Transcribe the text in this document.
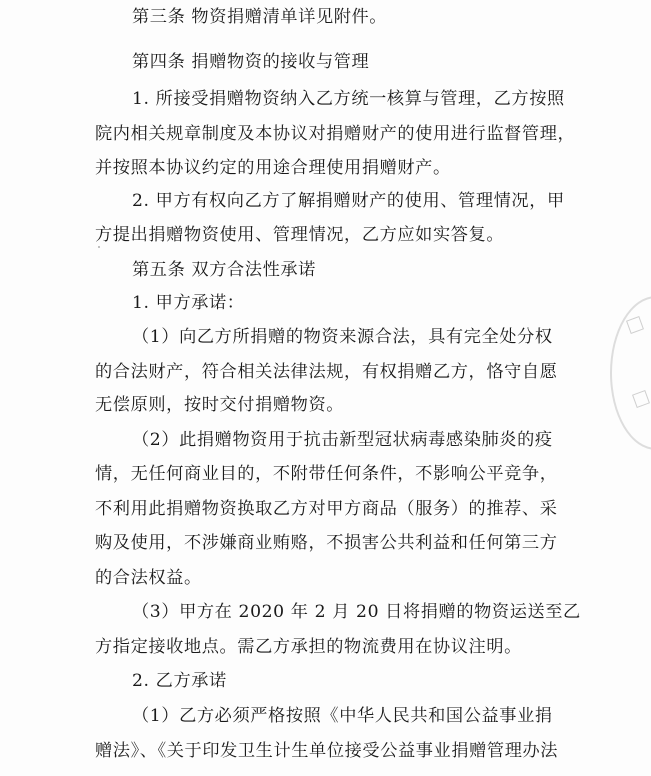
第三条 物资捐赠清单详见附件。
第四条 捐赠物资的接收与管理
1. 所接受捐赠物资纳入乙方统一核算与管理，乙方按照
院内相关规章制度及本协议对捐赠财产的使用进行监督管理，
并按照本协议约定的用途合理使用捐赠财产。
2. 甲方有权向乙方了解捐赠财产的使用、管理情况，甲
方提出捐赠物资使用、管理情况，乙方应如实答复。
第五条 双方合法性承诺
1. 甲方承诺：
（1）向乙方所捐赠的物资来源合法，具有完全处分权
的合法财产，符合相关法律法规，有权捐赠乙方，恪守自愿
无偿原则，按时交付捐赠物资。
（2）此捐赠物资用于抗击新型冠状病毒感染肺炎的疫
情，无任何商业目的，不附带任何条件，不影响公平竞争，
不利用此捐赠物资换取乙方对甲方商品（服务）的推荐、采
购及使用，不涉嫌商业贿赂，不损害公共利益和任何第三方
的合法权益。
（3）甲方在 2020 年 2 月 20 日将捐赠的物资运送至乙
方指定接收地点。需乙方承担的物流费用在协议注明。
2. 乙方承诺
（1）乙方必须严格按照《中华人民共和国公益事业捐
赠法》、《关于印发卫生计生单位接受公益事业捐赠管理办法
